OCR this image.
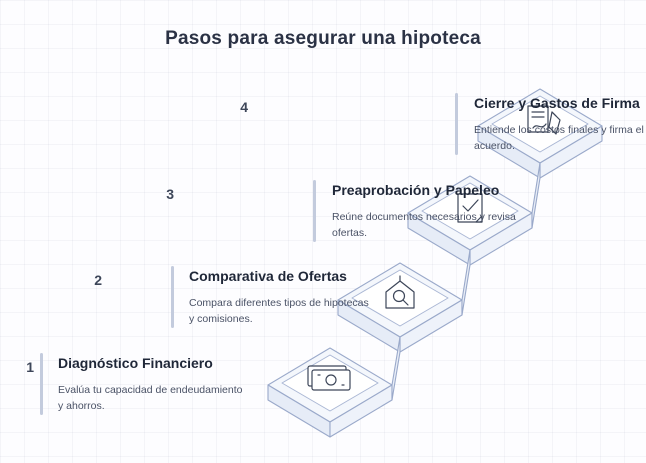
Pasos para asegurar una hipoteca
1 Diagnóstico Financiero
Evalúa tu capacidad de endeudamiento y ahorros.
2	Comparativa de Ofertas
Compara diferentes tipos de hipotecas y comisiones.
3	Preaprobación y Papeleo
Reúne documentos necesarios y revisa ofertas.
4	Cierre y Gastos de Firma
Entiende los costos finales y firma el acuerdo.
